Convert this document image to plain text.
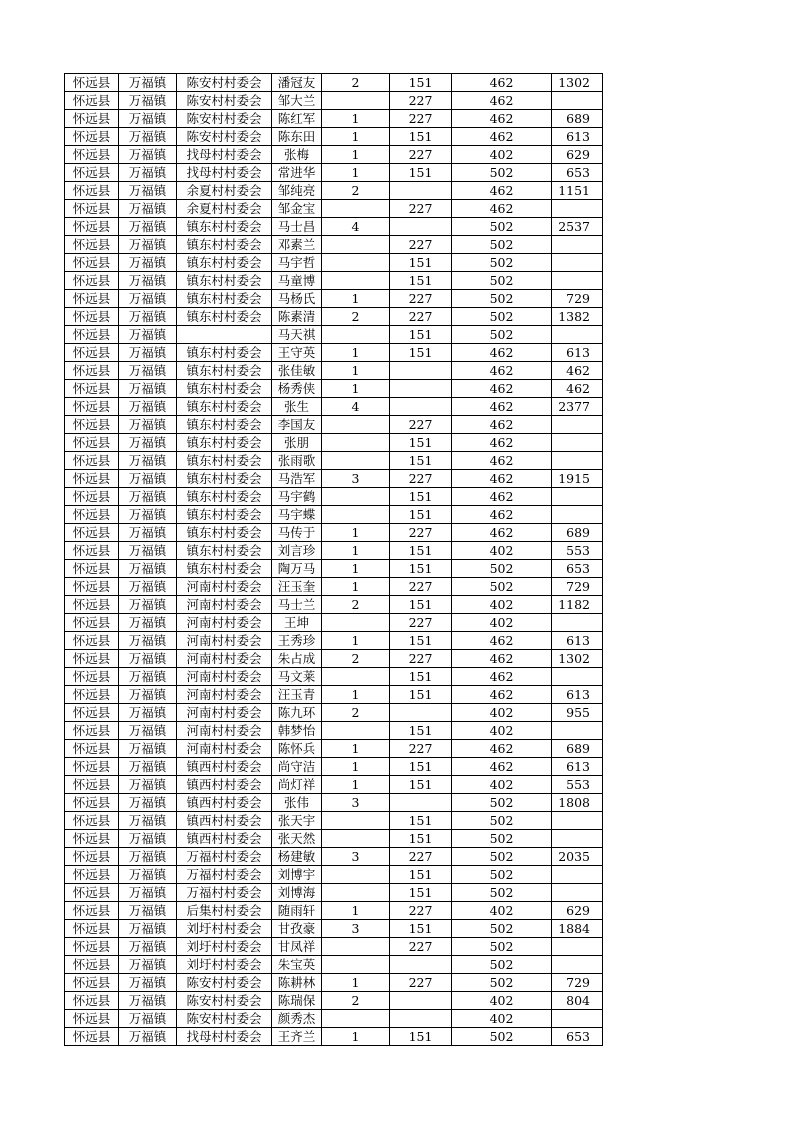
怀远县	万福镇	陈安村村委会	潘冠友	2	151	462	1302
怀远县	万福镇	陈安村村委会	邹大兰		227	462	
怀远县	万福镇	陈安村村委会	陈红军	1	227	462	689
怀远县	万福镇	陈安村村委会	陈东田	1	151	462	613
怀远县	万福镇	找母村村委会	张梅	1	227	402	629
怀远县	万福镇	找母村村委会	常进华	1	151	502	653
怀远县	万福镇	余夏村村委会	邹纯亮	2		462	1151
怀远县	万福镇	余夏村村委会	邹金宝		227	462	
怀远县	万福镇	镇东村村委会	马士昌	4		502	2537
怀远县	万福镇	镇东村村委会	邓素兰		227	502	
怀远县	万福镇	镇东村村委会	马宇哲		151	502	
怀远县	万福镇	镇东村村委会	马童博		151	502	
怀远县	万福镇	镇东村村委会	马杨氏	1	227	502	729
怀远县	万福镇	镇东村村委会	陈素清	2	227	502	1382
怀远县	万福镇		马天祺		151	502	
怀远县	万福镇	镇东村村委会	王守英	1	151	462	613
怀远县	万福镇	镇东村村委会	张佳敏	1		462	462
怀远县	万福镇	镇东村村委会	杨秀侠	1		462	462
怀远县	万福镇	镇东村村委会	张生	4		462	2377
怀远县	万福镇	镇东村村委会	李国友		227	462	
怀远县	万福镇	镇东村村委会	张朋		151	462	
怀远县	万福镇	镇东村村委会	张雨歌		151	462	
怀远县	万福镇	镇东村村委会	马浩军	3	227	462	1915
怀远县	万福镇	镇东村村委会	马宇鹤		151	462	
怀远县	万福镇	镇东村村委会	马宇蝶		151	462	
怀远县	万福镇	镇东村村委会	马传于	1	227	462	689
怀远县	万福镇	镇东村村委会	刘言珍	1	151	402	553
怀远县	万福镇	镇东村村委会	陶万马	1	151	502	653
怀远县	万福镇	河南村村委会	汪玉奎	1	227	502	729
怀远县	万福镇	河南村村委会	马士兰	2	151	402	1182
怀远县	万福镇	河南村村委会	王坤		227	402	
怀远县	万福镇	河南村村委会	王秀珍	1	151	462	613
怀远县	万福镇	河南村村委会	朱占成	2	227	462	1302
怀远县	万福镇	河南村村委会	马文莱		151	462	
怀远县	万福镇	河南村村委会	汪玉青	1	151	462	613
怀远县	万福镇	河南村村委会	陈九环	2		402	955
怀远县	万福镇	河南村村委会	韩梦怡		151	402	
怀远县	万福镇	河南村村委会	陈怀兵	1	227	462	689
怀远县	万福镇	镇西村村委会	尚守洁	1	151	462	613
怀远县	万福镇	镇西村村委会	尚灯祥	1	151	402	553
怀远县	万福镇	镇西村村委会	张伟	3		502	1808
怀远县	万福镇	镇西村村委会	张天宇		151	502	
怀远县	万福镇	镇西村村委会	张天然		151	502	
怀远县	万福镇	万福村村委会	杨建敏	3	227	502	2035
怀远县	万福镇	万福村村委会	刘博宇		151	502	
怀远县	万福镇	万福村村委会	刘博海		151	502	
怀远县	万福镇	后集村村委会	随雨轩	1	227	402	629
怀远县	万福镇	刘圩村村委会	甘孜豪	3	151	502	1884
怀远县	万福镇	刘圩村村委会	甘凤祥		227	502	
怀远县	万福镇	刘圩村村委会	朱宝英			502	
怀远县	万福镇	陈安村村委会	陈耕林	1	227	502	729
怀远县	万福镇	陈安村村委会	陈瑞保	2		402	804
怀远县	万福镇	陈安村村委会	颜秀杰			402	
怀远县	万福镇	找母村村委会	王齐兰	1	151	502	653
